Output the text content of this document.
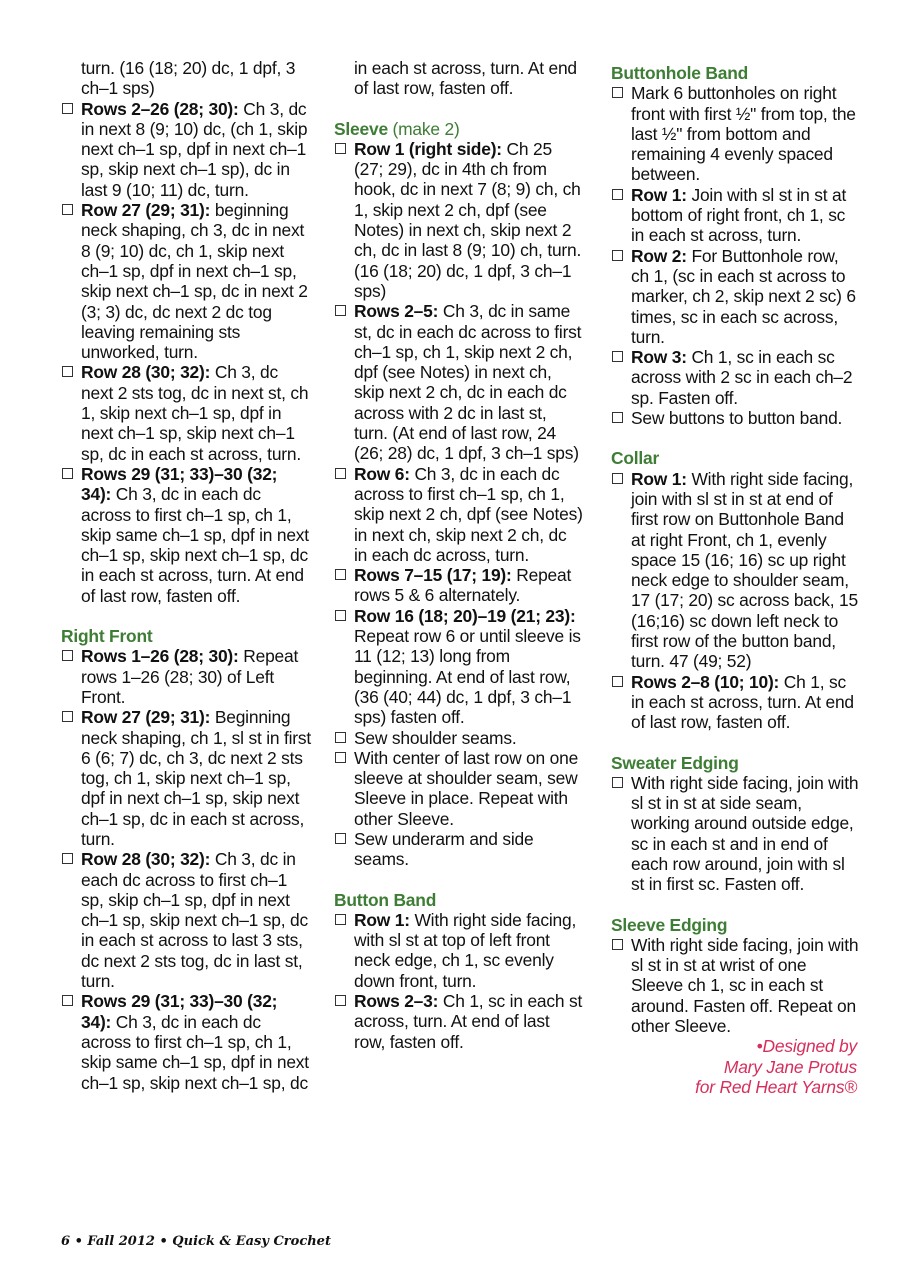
turn. (16 (18; 20) dc, 1 dpf, 3 ch–1 sps)
Rows 2–26 (28; 30): Ch 3, dc in next 8 (9; 10) dc, (ch 1, skip next ch–1 sp, dpf in next ch–1 sp, skip next ch–1 sp), dc in last 9 (10; 11) dc, turn.
Row 27 (29; 31): beginning neck shaping, ch 3, dc in next 8 (9; 10) dc, ch 1, skip next ch–1 sp, dpf in next ch–1 sp, skip next ch–1 sp, dc in next 2 (3; 3) dc, dc next 2 dc tog leaving remaining sts unworked, turn.
Row 28 (30; 32): Ch 3, dc next 2 sts tog, dc in next st, ch 1, skip next ch–1 sp, dpf in next ch–1 sp, skip next ch–1 sp, dc in each st across, turn.
Rows 29 (31; 33)–30 (32; 34): Ch 3, dc in each dc across to first ch–1 sp, ch 1, skip same ch–1 sp, dpf in next ch–1 sp, skip next ch–1 sp, dc in each st across, turn. At end of last row, fasten off.
Right Front
Rows 1–26 (28; 30): Repeat rows 1–26 (28; 30) of Left Front.
Row 27 (29; 31): Beginning neck shaping, ch 1, sl st in first 6 (6; 7) dc, ch 3, dc next 2 sts tog, ch 1, skip next ch–1 sp, dpf in next ch–1 sp, skip next ch–1 sp, dc in each st across, turn.
Row 28 (30; 32): Ch 3, dc in each dc across to first ch–1 sp, skip ch–1 sp, dpf in next ch–1 sp, skip next ch–1 sp, dc in each st across to last 3 sts, dc next 2 sts tog, dc in last st, turn.
Rows 29 (31; 33)–30 (32; 34): Ch 3, dc in each dc across to first ch–1 sp, ch 1, skip same ch–1 sp, dpf in next ch–1 sp, skip next ch–1 sp, dc
in each st across, turn. At end of last row, fasten off.
Sleeve (make 2)
Row 1 (right side): Ch 25 (27; 29), dc in 4th ch from hook, dc in next 7 (8; 9) ch, ch 1, skip next 2 ch, dpf (see Notes) in next ch, skip next 2 ch, dc in last 8 (9; 10) ch, turn. (16 (18; 20) dc, 1 dpf, 3 ch–1 sps)
Rows 2–5: Ch 3, dc in same st, dc in each dc across to first ch–1 sp, ch 1, skip next 2 ch, dpf (see Notes) in next ch, skip next 2 ch, dc in each dc across with 2 dc in last st, turn. (At end of last row, 24 (26; 28) dc, 1 dpf, 3 ch–1 sps)
Row 6: Ch 3, dc in each dc across to first ch–1 sp, ch 1, skip next 2 ch, dpf (see Notes) in next ch, skip next 2 ch, dc in each dc across, turn.
Rows 7–15 (17; 19): Repeat rows 5 & 6 alternately.
Row 16 (18; 20)–19 (21; 23): Repeat row 6 or until sleeve is 11 (12; 13) long from beginning. At end of last row, (36 (40; 44) dc, 1 dpf, 3 ch–1 sps) fasten off.
Sew shoulder seams.
With center of last row on one sleeve at shoulder seam, sew Sleeve in place. Repeat with other Sleeve.
Sew underarm and side seams.
Button Band
Row 1: With right side facing, with sl st at top of left front neck edge, ch 1, sc evenly down front, turn.
Rows 2–3: Ch 1, sc in each st across, turn. At end of last row, fasten off.
Buttonhole Band
Mark 6 buttonholes on right front with first ½" from top, the last ½" from bottom and remaining 4 evenly spaced between.
Row 1: Join with sl st in st at bottom of right front, ch 1, sc in each st across, turn.
Row 2: For Buttonhole row, ch 1, (sc in each st across to marker, ch 2, skip next 2 sc) 6 times, sc in each sc across, turn.
Row 3: Ch 1, sc in each sc across with 2 sc in each ch–2 sp. Fasten off.
Sew buttons to button band.
Collar
Row 1: With right side facing, join with sl st in st at end of first row on Buttonhole Band at right Front, ch 1, evenly space 15 (16; 16) sc up right neck edge to shoulder seam, 17 (17; 20) sc across back, 15 (16;16) sc down left neck to first row of the button band, turn. 47 (49; 52)
Rows 2–8 (10; 10): Ch 1, sc in each st across, turn. At end of last row, fasten off.
Sweater Edging
With right side facing, join with sl st in st at side seam, working around outside edge, sc in each st and in end of each row around, join with sl st in first sc. Fasten off.
Sleeve Edging
With right side facing, join with sl st in st at wrist of one Sleeve ch 1, sc in each st around. Fasten off. Repeat on other Sleeve.
•Designed by
Mary Jane Protus
for Red Heart Yarns®
6 • Fall 2012 • Quick & Easy Crochet
